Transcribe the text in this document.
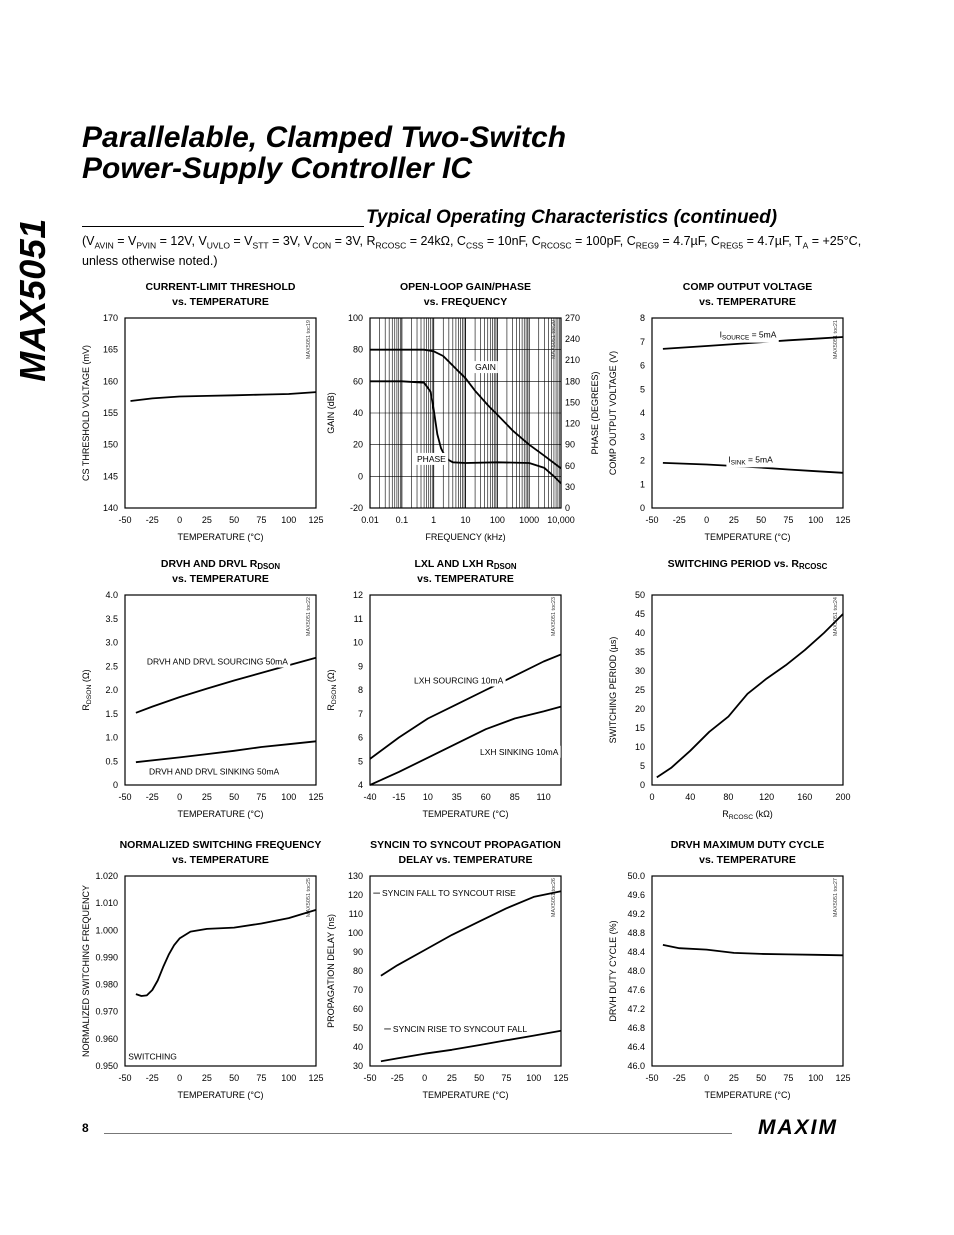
MAX5051
Parallelable, Clamped Two-Switch
Power-Supply Controller IC
Typical Operating Characteristics (continued)
($V_{AVIN} = V_{PVIN} = 12V$, $V_{UVLO} = V_{STT} = 3V$, $V_{CON} = 3V$, $R_{RCOSC} = 24k\Omega$, $C_{CSS} = 10nF$, $C_{RCOSC} = 100pF$, $C_{REG9} = 4.7\mu F$, $C_{REG5} = 4.7\mu F$, $T_A = +25^\circ C$, unless otherwise noted.)
CURRENT-LIMIT THRESHOLD
vs. TEMPERATURE
-50 -25 0 25 50 75 100 125
140
145
150
155
160
165
170
TEMPERATURE (°C)
CS THRESHOLD VOLTAGE (mV)
MAX5051 toc19
OPEN-LOOP GAIN/PHASE
vs. FREQUENCY
0.01 0.1	1	10 100 1000 10,000
-20
0
20
40
60
80
100
0
30
60
90
120
150
180
210
240
270
PHASE (DEGREES)
FREQUENCY (kHz)
GAIN (dB)
MAX5051 toc20
GAIN
PHASE
COMP OUTPUT VOLTAGE
vs. TEMPERATURE
-50 -25 0 25 50 75 100 125
0
1
2
3
4
5
6
7
8
TEMPERATURE (°C)
COMP OUTPUT VOLTAGE (V)
MAX5051 toc21
$I_{SOURCE} = 5mA$
$I_{SINK} = 5mA$
DRVH AND DRVL RDSON
vs. TEMPERATURE
-50 -25 0 25 50 75 100 125
0
0.5
1.0
1.5
2.0
2.5
3.0
3.5
4.0
TEMPERATURE (°C)
$R_{DSON}$ (Ω)
MAX5051 toc22
DRVH AND DRVL SOURCING 50mA
DRVH AND DRVL SINKING 50mA
LXL AND LXH RDSON
vs. TEMPERATURE
-40 -15 10 35 60 85 110
4
5
6
7
8
9
10
11
12
TEMPERATURE (°C)
$R_{DSON}$ (Ω)
MAX5051 toc23
LXH SOURCING 10mA
LXH SINKING 10mA
SWITCHING PERIOD vs. RRCOSC
0	40	80	120	160	200
0
5
10
15
20
25
30
35
40
45
50
$R_{RCOSC}$ (kΩ)
SWITCHING PERIOD (µs)
MAX5051 toc24
NORMALIZED SWITCHING FREQUENCY
vs. TEMPERATURE
-50 -25 0 25 50 75 100 125
0.950
0.960
0.970
0.980
0.990
1.000
1.010
1.020
TEMPERATURE (°C)
NORMALIZED SWITCHING FREQUENCY	MAX5051 toc25
SWITCHING
SYNCIN TO SYNCOUT PROPAGATION
DELAY vs. TEMPERATURE
-50 -25 0 25 50 75 100 125
30
40
50
60
70
80
90
100
110
120
130
TEMPERATURE (°C)
PROPAGATION DELAY (ns)
MAX5051 toc26
SYNCIN FALL TO SYNCOUT RISE
SYNCIN RISE TO SYNCOUT FALL
DRVH MAXIMUM DUTY CYCLE
vs. TEMPERATURE
-50 -25 0 25 50 75 100 125
46.0
46.4
46.8
47.2
47.6
48.0
48.4
48.8
49.2
49.6
50.0
TEMPERATURE (°C)
DRVH DUTY CYCLE (%)
MAX5051 toc27
8	MAXIM
